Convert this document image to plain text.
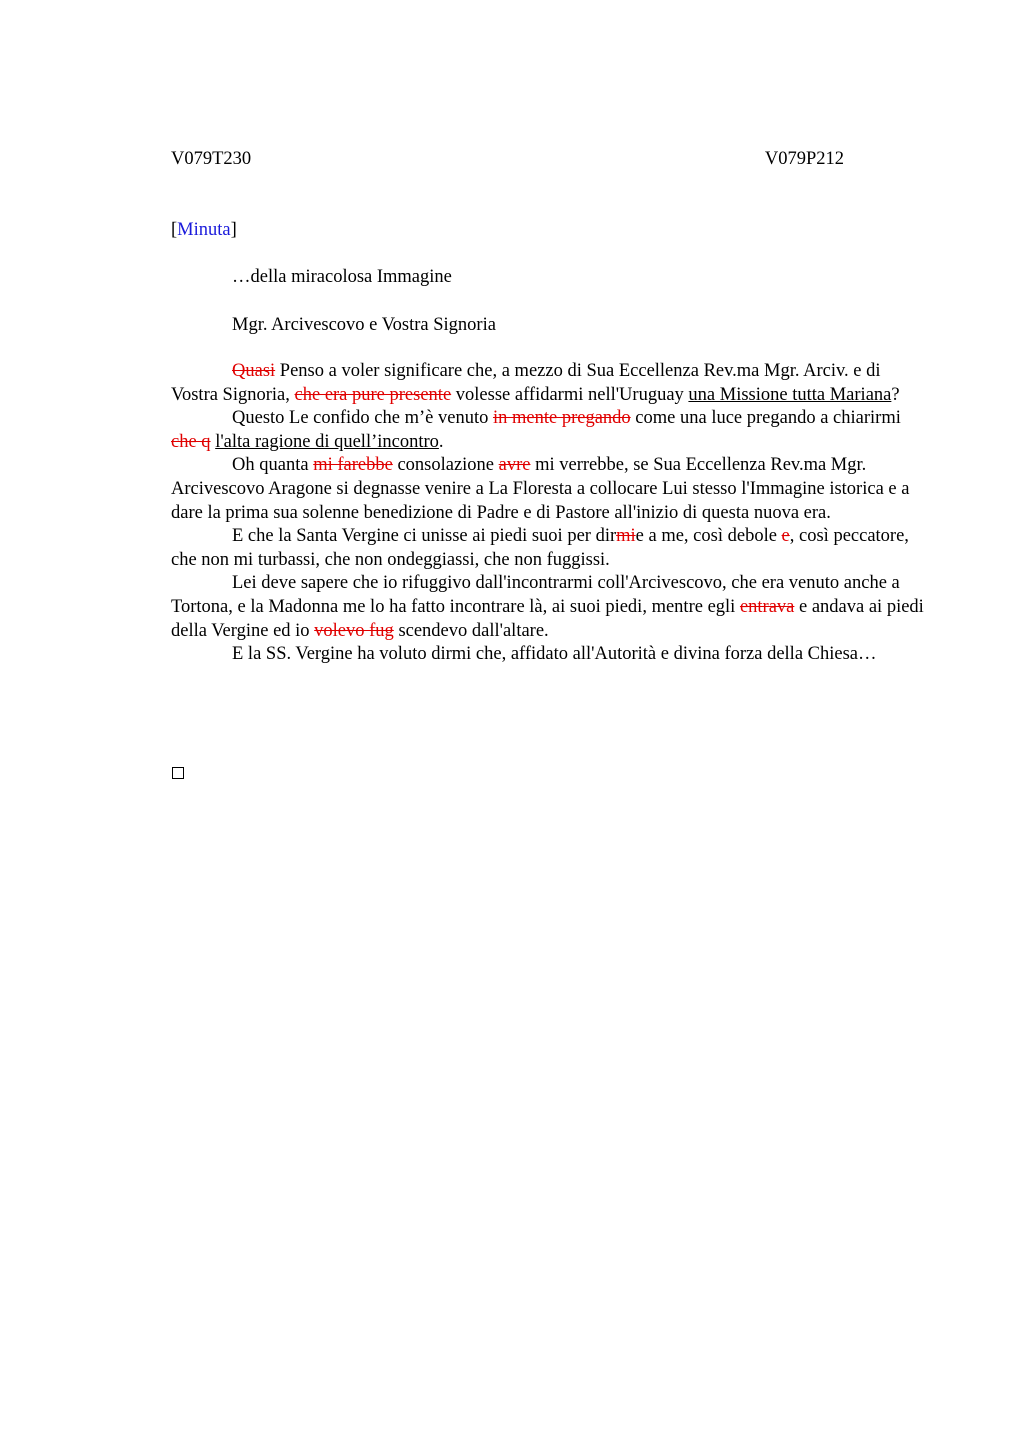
V079T230	V079P212
[Minuta]
…della miracolosa Immagine
Mgr. Arcivescovo e Vostra Signoria

Quasi Penso a voler significare che, a mezzo di Sua Eccellenza Rev.ma Mgr. Arciv. e di Vostra Signoria, che era pure presente volesse affidarmi nell'Uruguay una Missione tutta Mariana?

Questo Le confido che m’è venuto in mente pregando come una luce pregando a chiarirmi che q l'alta ragione di quell’incontro.

Oh quanta mi farebbe consolazione avre mi verrebbe, se Sua Eccellenza Rev.ma Mgr. Arcivescovo Aragone si degnasse venire a La Floresta a collocare Lui stesso l'Immagine istorica e a dare la prima sua solenne benedizione di Padre e di Pastore all'inizio di questa nuova era.

E che la Santa Vergine ci unisse ai piedi suoi per dirmie a me, così debole e, così peccatore, che non mi turbassi, che non ondeggiassi, che non fuggissi.

Lei deve sapere che io rifuggivo dall'incontrarmi coll'Arcivescovo, che era venuto anche a Tortona, e la Madonna me lo ha fatto incontrare là, ai suoi piedi, mentre egli entrava e andava ai piedi della Vergine ed io volevo fug scendevo dall'altare.

E la SS. Vergine ha voluto dirmi che, affidato all'Autorità e divina forza della Chiesa…
